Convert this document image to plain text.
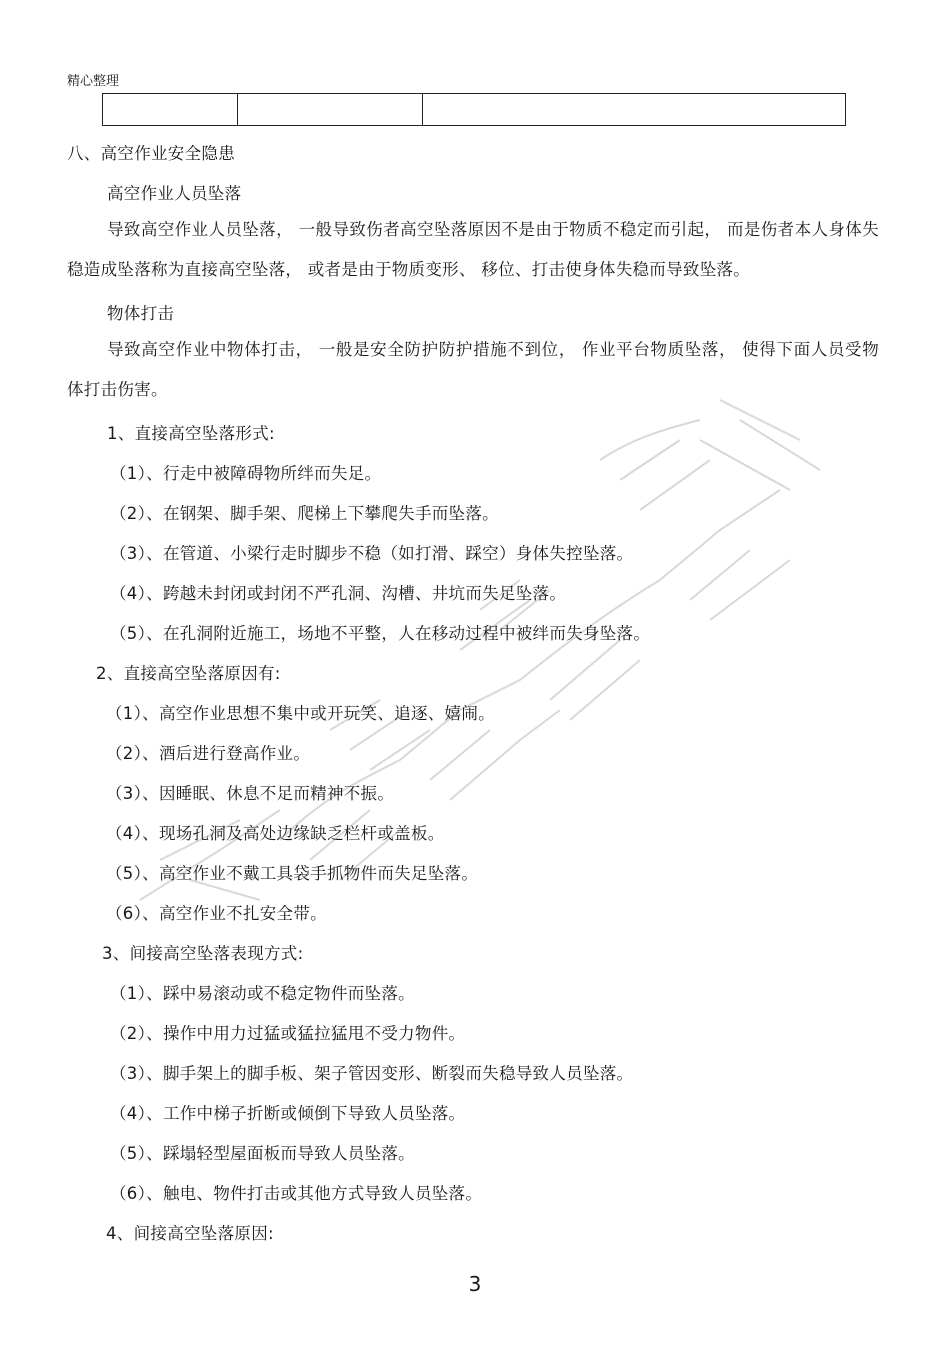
精心整理
八、高空作业安全隐患
高空作业人员坠落
导致高空作业人员坠落， 一般导致伤者高空坠落原因不是由于物质不稳定而引起， 而是伤者本人身体失稳造成坠落称为直接高空坠落， 或者是由于物质变形、 移位、打击使身体失稳而导致坠落。
物体打击
导致高空作业中物体打击， 一般是安全防护防护措施不到位， 作业平台物质坠落， 使得下面人员受物体打击伤害。
1、直接高空坠落形式:
（1）、行走中被障碍物所绊而失足。
（2）、在钢架、脚手架、爬梯上下攀爬失手而坠落。
（3）、在管道、小梁行走时脚步不稳（如打滑、踩空）身体失控坠落。
（4）、跨越未封闭或封闭不严孔洞、沟槽、井坑而失足坠落。
（5）、在孔洞附近施工，场地不平整，人在移动过程中被绊而失身坠落。
2、直接高空坠落原因有:
（1）、高空作业思想不集中或开玩笑、追逐、嬉闹。
（2）、酒后进行登高作业。
（3）、因睡眠、休息不足而精神不振。
（4）、现场孔洞及高处边缘缺乏栏杆或盖板。
（5）、高空作业不戴工具袋手抓物件而失足坠落。
（6）、高空作业不扎安全带。
3、间接高空坠落表现方式:
（1）、踩中易滚动或不稳定物件而坠落。
（2）、操作中用力过猛或猛拉猛甩不受力物件。
（3）、脚手架上的脚手板、架子管因变形、断裂而失稳导致人员坠落。
（4）、工作中梯子折断或倾倒下导致人员坠落。
（5）、踩塌轻型屋面板而导致人员坠落。
（6）、触电、物件打击或其他方式导致人员坠落。
4、间接高空坠落原因:
3
